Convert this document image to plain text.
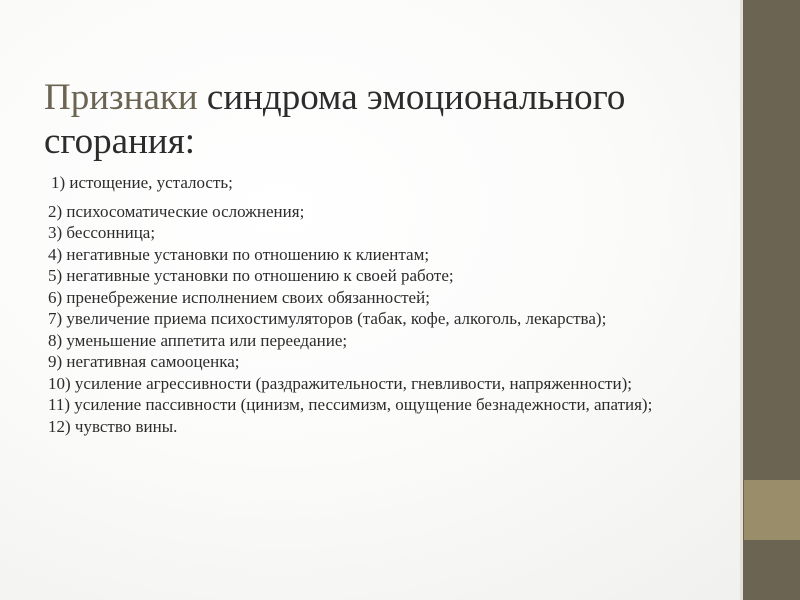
Признаки синдрома эмоционального сгорания:
1) истощение, усталость;
2) психосоматические осложнения;
3) бессонница;
4) негативные установки по отношению к клиентам;
5) негативные установки по отношению к своей работе;
6) пренебрежение исполнением своих обязанностей;
7) увеличение приема психостимуляторов (табак, кофе, алкоголь, лекарства);
8) уменьшение аппетита или переедание;
9) негативная самооценка;
10) усиление агрессивности (раздражительности, гневливости, напряженности);
11) усиление пассивности (цинизм, пессимизм, ощущение безнадежности, апатия);
12) чувство вины.
